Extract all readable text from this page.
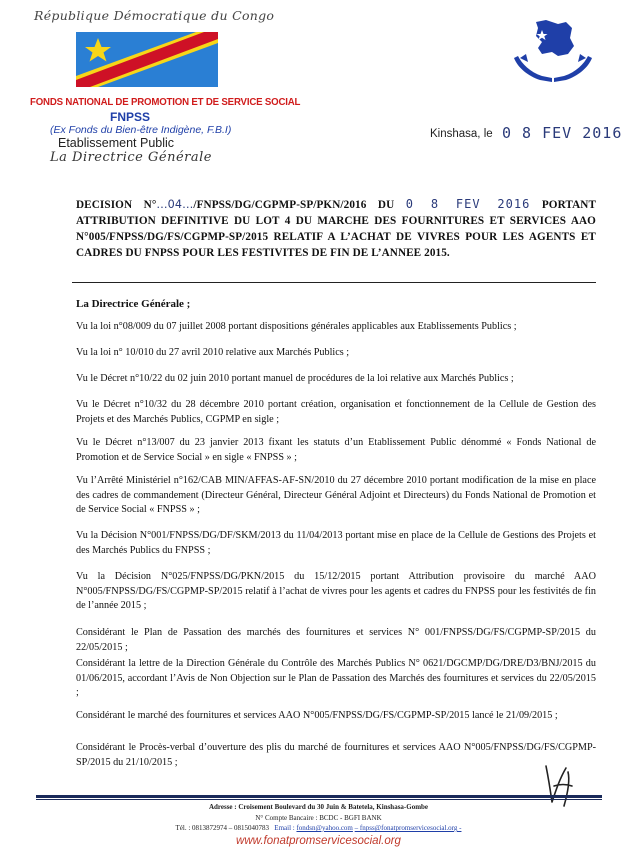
République Démocratique du Congo
FONDS NATIONAL DE PROMOTION ET DE SERVICE SOCIAL
FNPSS
(Ex Fonds du Bien-être Indigène, F.B.I)
Etablissement Public
La Directrice Générale
Kinshasa, le 0 8 FEV 2016
DECISION N°…04…/FNPSS/DG/CGPMP-SP/PKN/2016 DU 0 8 FEV 2016 PORTANT ATTRIBUTION DEFINITIVE DU LOT 4 DU MARCHE DES FOURNITURES ET SERVICES AAO N°005/FNPSS/DG/FS/CGPMP-SP/2015 RELATIF A L’ACHAT DE VIVRES POUR LES AGENTS ET CADRES DU FNPSS POUR LES FESTIVITES DE FIN DE L’ANNEE 2015.
La Directrice Générale ;
Vu la loi n°08/009 du 07 juillet 2008 portant dispositions générales applicables aux Etablissements Publics ;
Vu la loi n° 10/010 du 27 avril 2010 relative aux Marchés Publics ;
Vu le Décret n°10/22 du 02 juin 2010 portant manuel de procédures de la loi relative aux Marchés Publics ;
Vu le Décret n°10/32 du 28 décembre 2010 portant création, organisation et fonctionnement de la Cellule de Gestion des Projets et des Marchés Publics, CGPMP en sigle ;
Vu le Décret n°13/007 du 23 janvier 2013 fixant les statuts d’un Etablissement Public dénommé « Fonds National de Promotion et de Service Social » en sigle « FNPSS » ;
Vu l’Arrêté Ministériel n°162/CAB MIN/AFFAS-AF-SN/2010 du 27 décembre 2010 portant modification de la mise en place des cadres de commandement (Directeur Général, Directeur Général Adjoint et Directeurs) du Fonds National de Promotion et de Service Social « FNPSS » ;
Vu la Décision N°001/FNPSS/DG/DF/SKM/2013 du 11/04/2013 portant mise en place de la Cellule de Gestions des Projets et des Marchés Publics du FNPSS ;
Vu la Décision N°025/FNPSS/DG/PKN/2015 du 15/12/2015 portant Attribution provisoire du marché AAO N°005/FNPSS/DG/FS/CGPMP-SP/2015 relatif à l’achat de vivres pour les agents et cadres du FNPSS pour les festivités de fin de l’année 2015 ;
Considérant le Plan de Passation des marchés des fournitures et services N° 001/FNPSS/DG/FS/CGPMP-SP/2015 du 22/05/2015 ;
Considérant la lettre de la Direction Générale du Contrôle des Marchés Publics N° 0621/DGCMP/DG/DRE/D3/BNJ/2015 du 01/06/2015, accordant l’Avis de Non Objection sur le Plan de Passation des Marchés des fournitures et services du 22/05/2015 ;
Considérant le marché des fournitures et services AAO N°005/FNPSS/DG/FS/CGPMP-SP/2015 lancé le 21/09/2015 ;
Considérant le Procès-verbal d’ouverture des plis du marché de fournitures et services AAO N°005/FNPSS/DG/FS/CGPMP-SP/2015 du 21/10/2015 ;
Adresse : Croisement Boulevard du 30 Juin & Batetela, Kinshasa-Gombe
N° Compte Bancaire : BCDC - BGFI BANK
Tél. : 0813872974 – 0815040783 Email : fondsn@yahoo.com – fnpss@fonatpromservicesocial.org -
www.fonatpromservicesocial.org
